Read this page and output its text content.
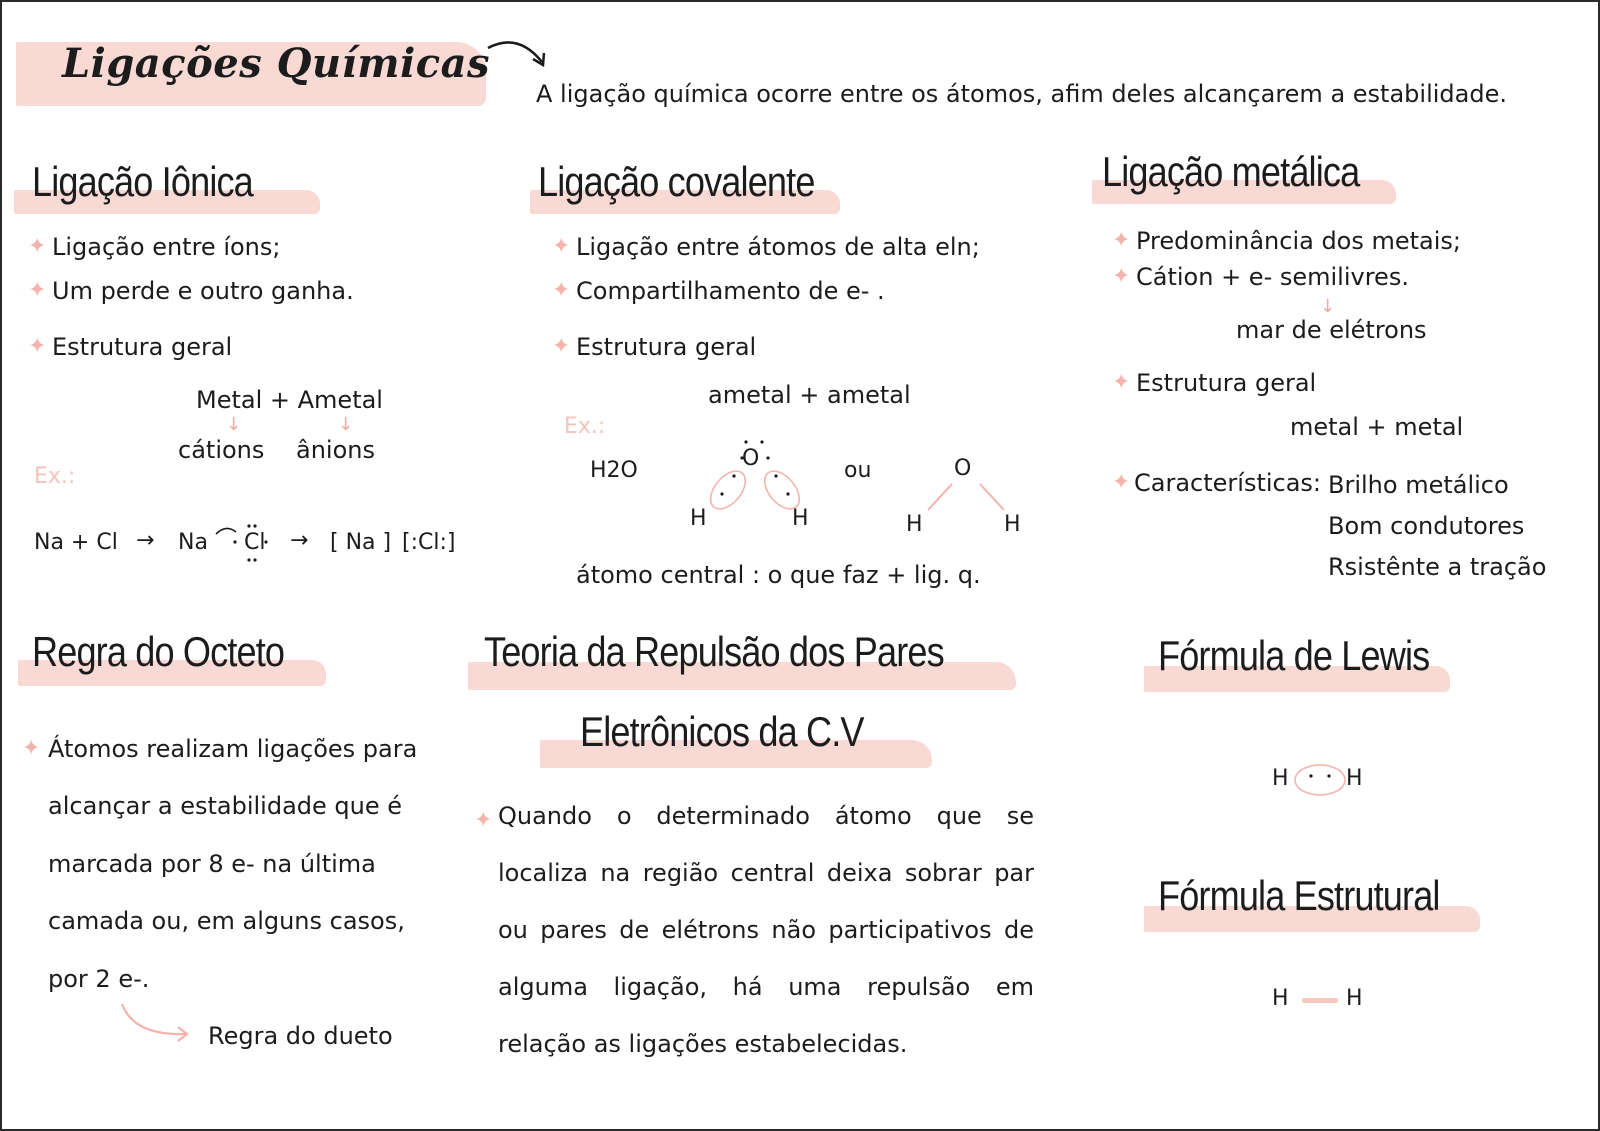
Ligações Químicas
A ligação química ocorre entre os átomos, afim deles alcançarem a estabilidade.
Ligação Iônica
✦ Ligação entre íons;
✦ Um perde e outro ganha.
✦ Estrutura geral
Metal + Ametal
↓	↓
cátions ânions
Ex.:
Na + Cl → Na Cl → [ Na ] [:Cl:]
Ligação covalente
✦ Ligação entre átomos de alta eln;
✦ Compartilhamento de e- .
✦ Estrutura geral
ametal + ametal
Ex.:
H2O	O
H	H
ou	O
H	H
átomo central : o que faz + lig. q.
Ligação metálica
✦ Predominância dos metais;
✦ Cátion + e- semilivres.
↓
mar de elétrons
✦ Estrutura geral
metal + metal
✦ Características: Brilho metálico
Bom condutores
Rsistênte a tração
Regra do Octeto
✦ Átomos realizam ligações para
alcançar a estabilidade que é
marcada por 8 e- na última
camada ou, em alguns casos,
por 2 e-.
Regra do dueto
Teoria da Repulsão dos Pares
Eletrônicos da C.V
✦ Quando o determinado átomo que se
localiza na região central deixa sobrar par
ou pares de elétrons não participativos de
alguma ligação, há uma repulsão em
relação as ligações estabelecidas.
Fórmula de Lewis
H	H
Fórmula Estrutural
H	H
